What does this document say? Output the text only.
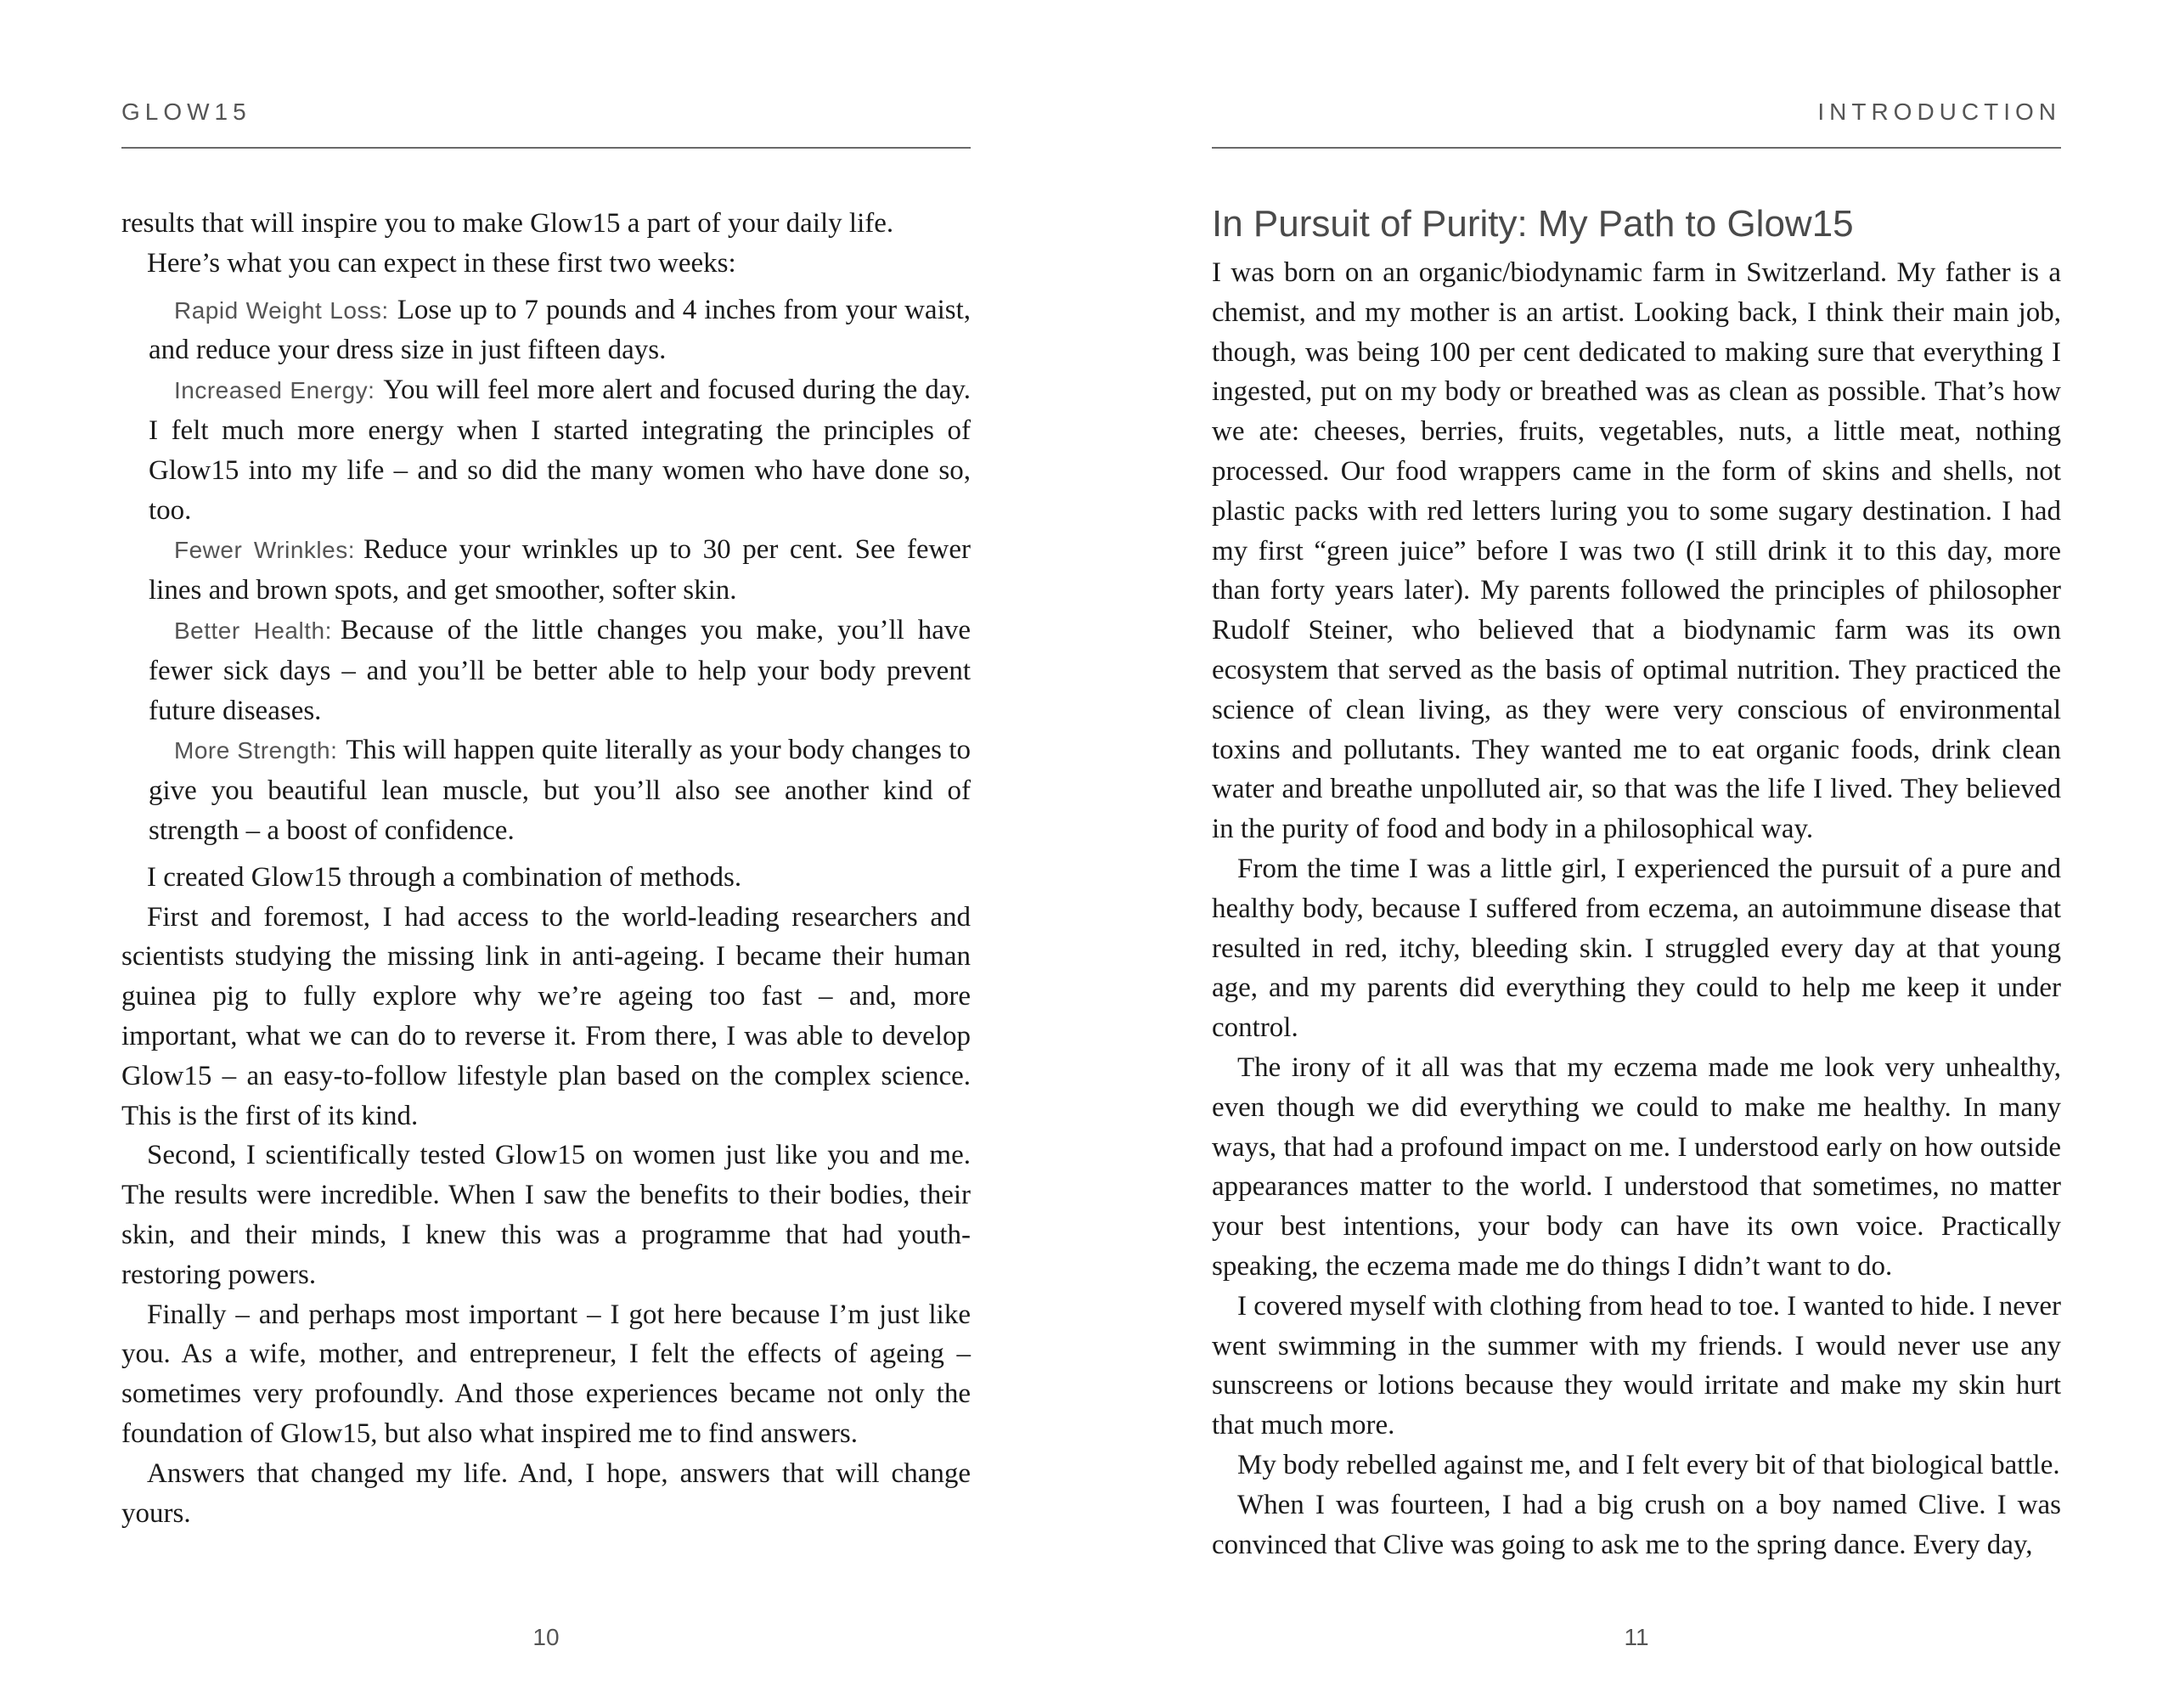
GLOW15

results that will inspire you to make Glow15 a part of your daily life.

Here’s what you can expect in these first two weeks:

Rapid Weight Loss: Lose up to 7 pounds and 4 inches from your waist, and reduce your dress size in just fifteen days.

Increased Energy: You will feel more alert and focused during the day. I felt much more energy when I started integrating the principles of Glow15 into my life – and so did the many women who have done so, too.

Fewer Wrinkles: Reduce your wrinkles up to 30 per cent. See fewer lines and brown spots, and get smoother, softer skin.

Better Health: Because of the little changes you make, you’ll have fewer sick days – and you’ll be better able to help your body prevent future diseases.

More Strength: This will happen quite literally as your body changes to give you beautiful lean muscle, but you’ll also see another kind of strength – a boost of confidence.

I created Glow15 through a combination of methods.

First and foremost, I had access to the world-leading researchers and scientists studying the missing link in anti-ageing. I became their human guinea pig to fully explore why we’re ageing too fast – and, more important, what we can do to reverse it. From there, I was able to develop Glow15 – an easy-to-follow lifestyle plan based on the complex science. This is the first of its kind.

Second, I scientifically tested Glow15 on women just like you and me. The results were incredible. When I saw the benefits to their bodies, their skin, and their minds, I knew this was a programme that had youth-restoring powers.

Finally – and perhaps most important – I got here because I’m just like you. As a wife, mother, and entrepreneur, I felt the effects of ageing – sometimes very profoundly. And those experiences became not only the foundation of Glow15, but also what inspired me to find answers.

Answers that changed my life. And, I hope, answers that will change yours.

10
INTRODUCTION
In Pursuit of Purity: My Path to Glow15

I was born on an organic/biodynamic farm in Switzerland. My father is a chemist, and my mother is an artist. Looking back, I think their main job, though, was being 100 per cent dedicated to making sure that everything I ingested, put on my body or breathed was as clean as possible. That’s how we ate: cheeses, berries, fruits, vegetables, nuts, a little meat, nothing processed. Our food wrappers came in the form of skins and shells, not plastic packs with red letters luring you to some sugary destination. I had my first “green juice” before I was two (I still drink it to this day, more than forty years later). My parents followed the principles of philosopher Rudolf Steiner, who believed that a biodynamic farm was its own ecosystem that served as the basis of optimal nutrition. They practiced the science of clean living, as they were very conscious of environmental toxins and pollutants. They wanted me to eat organic foods, drink clean water and breathe unpolluted air, so that was the life I lived. They believed in the purity of food and body in a philosophical way.

From the time I was a little girl, I experienced the pursuit of a pure and healthy body, because I suffered from eczema, an autoimmune disease that resulted in red, itchy, bleeding skin. I struggled every day at that young age, and my parents did everything they could to help me keep it under control.

The irony of it all was that my eczema made me look very unhealthy, even though we did everything we could to make me healthy. In many ways, that had a profound impact on me. I understood early on how outside appearances matter to the world. I understood that sometimes, no matter your best intentions, your body can have its own voice. Practically speaking, the eczema made me do things I didn’t want to do.

I covered myself with clothing from head to toe. I wanted to hide. I never went swimming in the summer with my friends. I would never use any sunscreens or lotions because they would irritate and make my skin hurt that much more.

My body rebelled against me, and I felt every bit of that biological battle.

When I was fourteen, I had a big crush on a boy named Clive. I was convinced that Clive was going to ask me to the spring dance. Every day,

11
